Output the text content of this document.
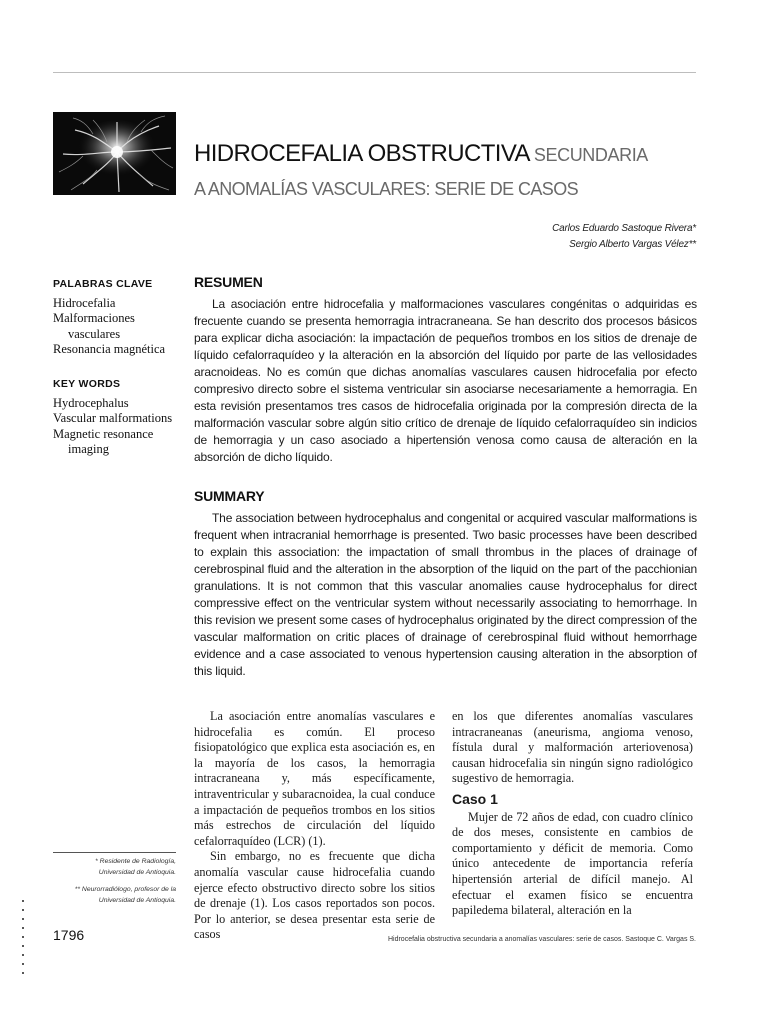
HIDROCEFALIA OBSTRUCTIVA SECUNDARIA
A ANOMALÍAS VASCULARES: SERIE DE CASOS
Carlos Eduardo Sastoque Rivera*
Sergio Alberto Vargas Vélez**
PALABRAS CLAVE
Hidrocefalia
Malformaciones
vasculares
Resonancia magnética
KEY WORDS
Hydrocephalus
Vascular malformations
Magnetic resonance
imaging
RESUMEN

La asociación entre hidrocefalia y malformaciones vasculares congénitas o adquiridas es frecuente cuando se presenta hemorragia intracraneana. Se han descrito dos procesos básicos para explicar dicha asociación: la impactación de pequeños trombos en los sitios de drenaje de líquido cefalorraquídeo y la alteración en la absorción del líquido por parte de las vellosidades aracnoideas. No es común que dichas anomalías vasculares causen hidrocefalia por efecto compresivo directo sobre el sistema ventricular sin asociarse necesariamente a hemorragia. En esta revisión presentamos tres casos de hidrocefalia originada por la compresión directa de la malformación vascular sobre algún sitio crítico de drenaje de líquido cefalorraquídeo sin indicios de hemorragia y un caso asociado a hipertensión venosa como causa de alteración en la absorción de dicho líquido.

SUMMARY

The association between hydrocephalus and congenital or acquired vascular malformations is frequent when intracranial hemorrhage is presented. Two basic processes have been described to explain this association: the impactation of small thrombus in the places of drainage of cerebrospinal fluid and the alteration in the absorption of the liquid on the part of the pacchionian granulations. It is not common that this vascular anomalies cause hydrocephalus for direct compressive effect on the ventricular system without necessarily associating to hemorrhage. In this revision we present some cases of hydrocephalus originated by the direct compression of the vascular malformation on critic places of drainage of cerebrospinal fluid without hemorrhage evidence and a case associated to venous hypertension causing alteration in the absorption of this liquid.

La asociación entre anomalías vasculares e hidrocefalia es común. El proceso fisiopatológico que explica esta asociación es, en la mayoría de los casos, la hemorragia intracraneana y, más específicamente, intraventricular y subaracnoidea, la cual conduce a impactación de pequeños trombos en los sitios más estrechos de circulación del líquido cefalorraquídeo (LCR) (1).

Sin embargo, no es frecuente que dicha anomalía vascular cause hidrocefalia cuando ejerce efecto obstructivo directo sobre los sitios de drenaje (1). Los casos reportados son pocos. Por lo anterior, se desea presentar esta serie de casos

en los que diferentes anomalías vasculares intracraneanas (aneurisma, angioma venoso, fístula dural y malformación arteriovenosa) causan hidrocefalia sin ningún signo radiológico sugestivo de hemorragia.

Caso 1

Mujer de 72 años de edad, con cuadro clínico de dos meses, consistente en cambios de comportamiento y déficit de memoria. Como único antecedente de importancia refería hipertensión arterial de difícil manejo. Al efectuar el examen físico se encuentra papiledema bilateral, alteración en la

* Residente de Radiología,
Universidad de Antioquia.
** Neurorradiólogo, profesor de la
Universidad de Antioquia.
1796	Hidrocefalia obstructiva secundaria a anomalías vasculares: serie de casos. Sastoque C. Vargas S.
